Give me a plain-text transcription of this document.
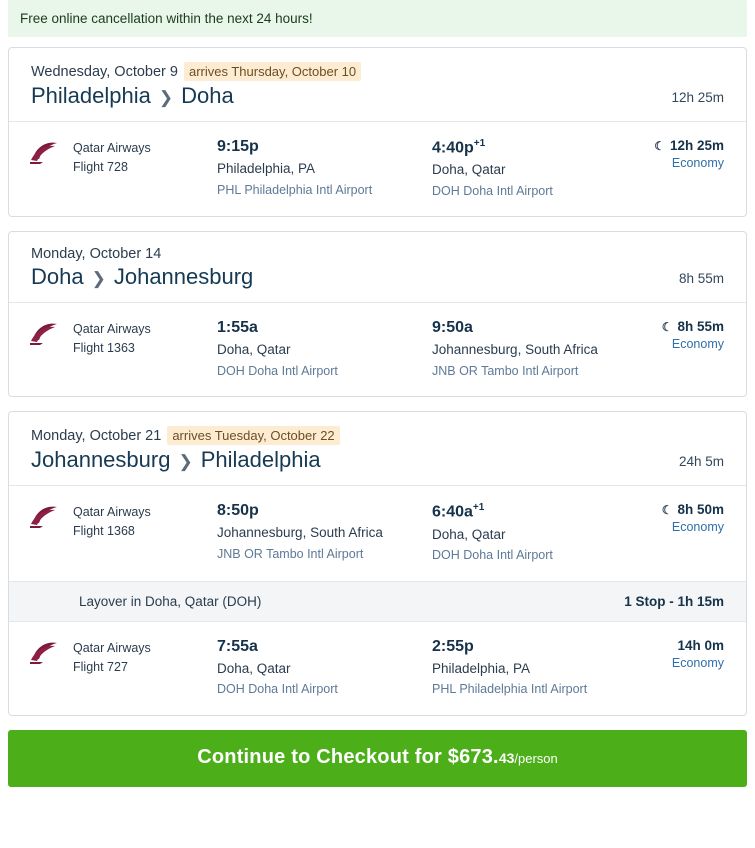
Free online cancellation within the next 24 hours!
Wednesday, October 9 arrives Thursday, October 10
Philadelphia ❯ Doha	12h 25m
Qatar Airways
Flight 728
9:15p
Philadelphia, PA
PHL Philadelphia Intl Airport
$4:40p^{+1}$
Doha, Qatar
DOH Doha Intl Airport
☾ 12h 25m
Economy
Monday, October 14
Doha ❯ Johannesburg	8h 55m
Qatar Airways
Flight 1363
1:55a
Doha, Qatar
DOH Doha Intl Airport
9:50a
Johannesburg, South Africa
JNB OR Tambo Intl Airport
☾ 8h 55m
Economy
Monday, October 21 arrives Tuesday, October 22
Johannesburg ❯ Philadelphia	24h 5m
Qatar Airways
Flight 1368
8:50p
Johannesburg, South Africa
JNB OR Tambo Intl Airport
$6:40a^{+1}$
Doha, Qatar
DOH Doha Intl Airport
☾ 8h 50m
Economy
Layover in Doha, Qatar (DOH)	1 Stop - 1h 15m
Qatar Airways
Flight 727
7:55a
Doha, Qatar
DOH Doha Intl Airport
2:55p
Philadelphia, PA
PHL Philadelphia Intl Airport
14h 0m
Economy
Continue to Checkout for $673.43/person
